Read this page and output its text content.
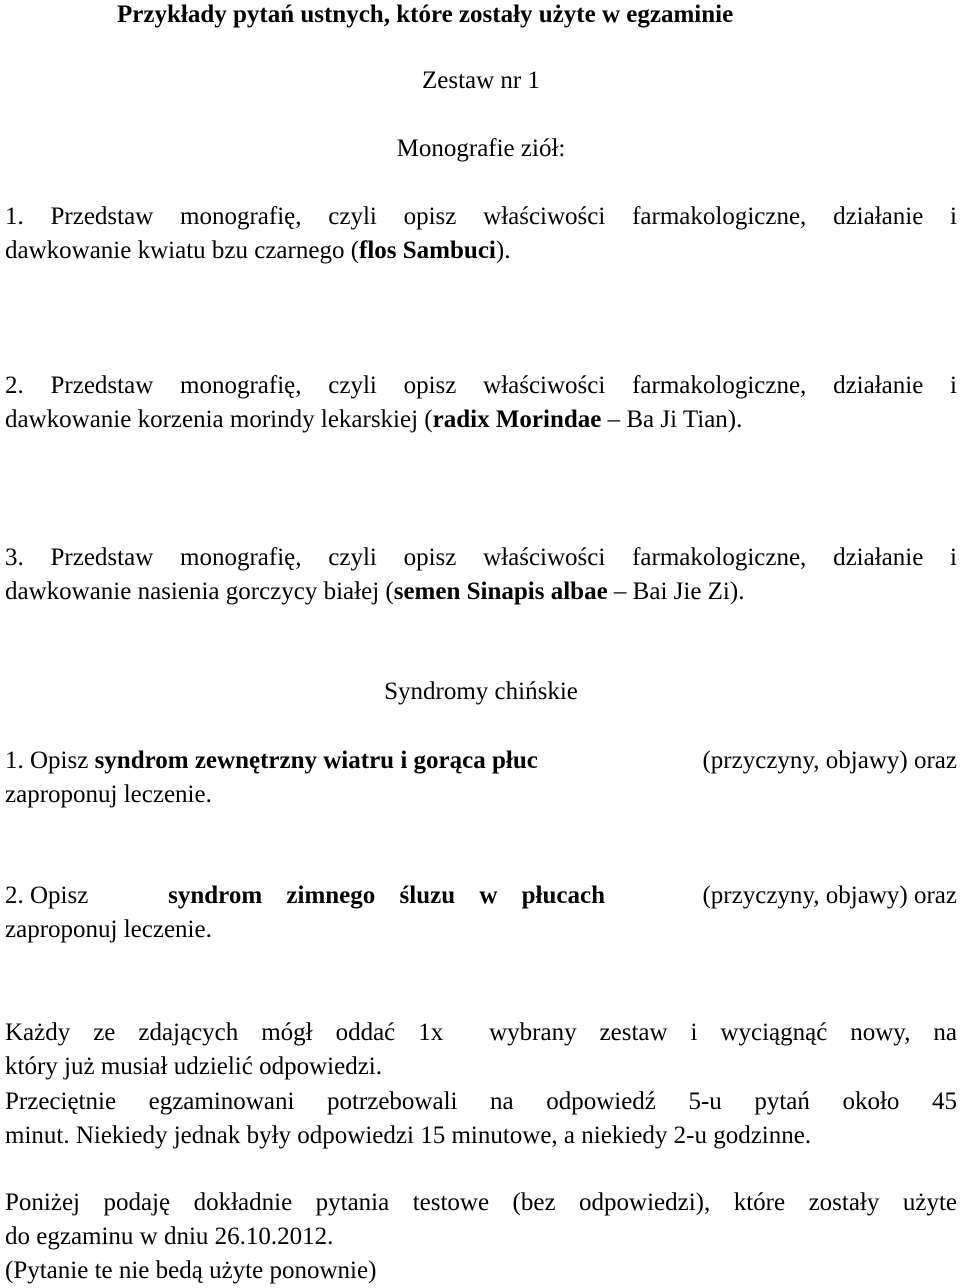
Przykłady pytań ustnych, które zostały użyte w egzaminie
Zestaw nr 1
Monografie ziół:
1. Przedstaw monografię, czyli opisz właściwości farmakologiczne, działanie i
dawkowanie kwiatu bzu czarnego (flos Sambuci).
2. Przedstaw monografię, czyli opisz właściwości farmakologiczne, działanie i
dawkowanie korzenia morindy lekarskiej (radix Morindae – Ba Ji Tian).
3. Przedstaw monografię, czyli opisz właściwości farmakologiczne, działanie i
dawkowanie nasienia gorczycy białej (semen Sinapis albae – Bai Jie Zi).
Syndromy chińskie
1. Opisz syndrom zewnętrzny wiatru i gorąca płuc	(przyczyny, objawy) oraz
zaproponuj leczenie.
2. Opisz	syndrom zimnego śluzu w płucach	(przyczyny, objawy) oraz
zaproponuj leczenie.
Każdy ze zdających mógł oddać 1x  wybrany zestaw i wyciągnąć nowy, na
który już musiał udzielić odpowiedzi.
Przeciętnie egzaminowani potrzebowali na odpowiedź 5-u pytań około 45
minut. Niekiedy jednak były odpowiedzi 15 minutowe, a niekiedy 2-u godzinne.
Poniżej podaję dokładnie pytania testowe (bez odpowiedzi), które zostały użyte
do egzaminu w dniu 26.10.2012.
(Pytanie te nie bedą użyte ponownie)
